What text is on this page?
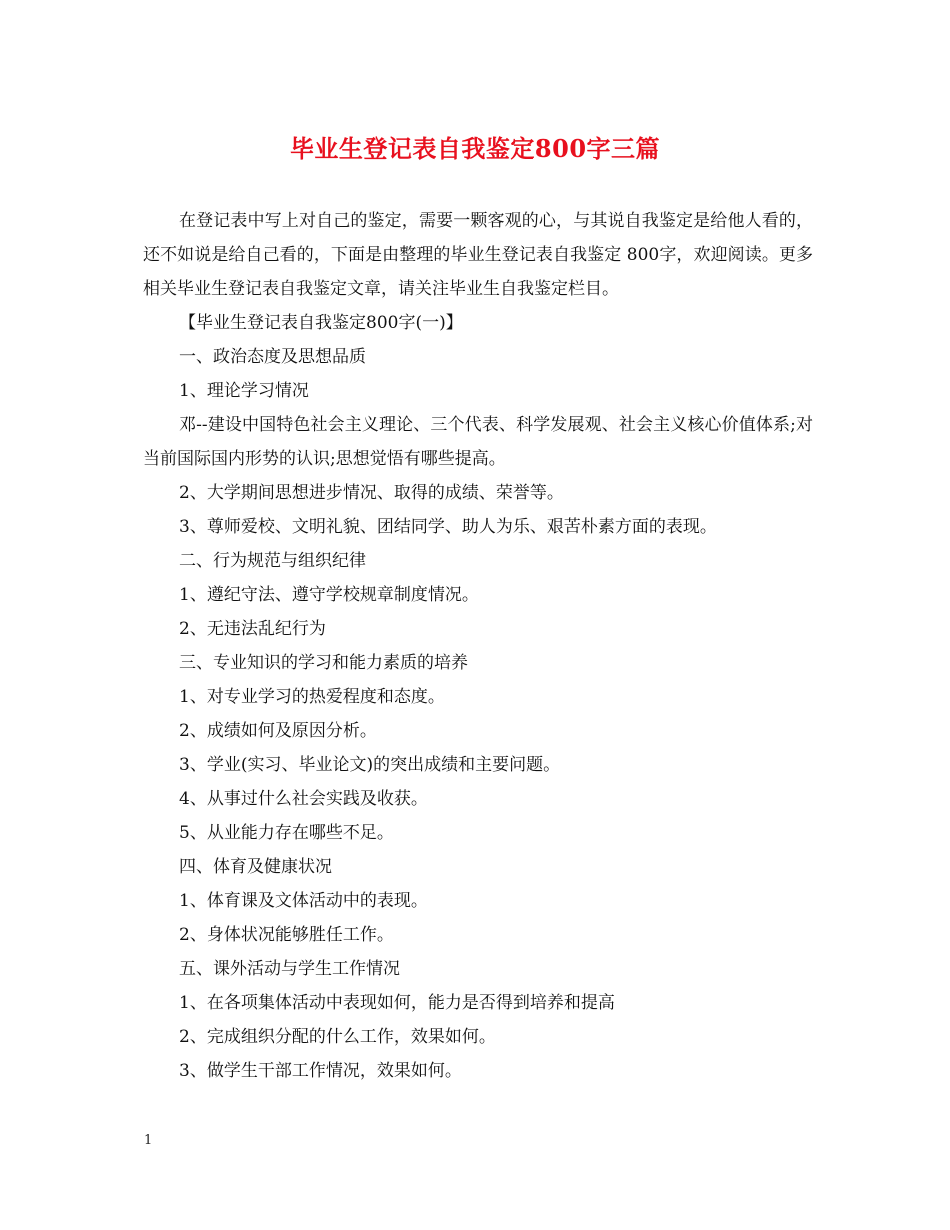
毕业生登记表自我鉴定800字三篇

在登记表中写上对自己的鉴定，需要一颗客观的心，与其说自我鉴定是给他人看的，还不如说是给自己看的，下面是由整理的毕业生登记表自我鉴定 800字，欢迎阅读。更多相关毕业生登记表自我鉴定文章，请关注毕业生自我鉴定栏目。

【毕业生登记表自我鉴定800字(一)】

一、政治态度及思想品质

1、理论学习情况

邓--建设中国特色社会主义理论、三个代表、科学发展观、社会主义核心价值体系;对当前国际国内形势的认识;思想觉悟有哪些提高。

2、大学期间思想进步情况、取得的成绩、荣誉等。

3、尊师爱校、文明礼貌、团结同学、助人为乐、艰苦朴素方面的表现。

二、行为规范与组织纪律

1、遵纪守法、遵守学校规章制度情况。

2、无违法乱纪行为

三、专业知识的学习和能力素质的培养

1、对专业学习的热爱程度和态度。

2、成绩如何及原因分析。

3、学业(实习、毕业论文)的突出成绩和主要问题。

4、从事过什么社会实践及收获。

5、从业能力存在哪些不足。

四、体育及健康状况

1、体育课及文体活动中的表现。

2、身体状况能够胜任工作。

五、课外活动与学生工作情况

1、在各项集体活动中表现如何，能力是否得到培养和提高

2、完成组织分配的什么工作，效果如何。

3、做学生干部工作情况，效果如何。

1
